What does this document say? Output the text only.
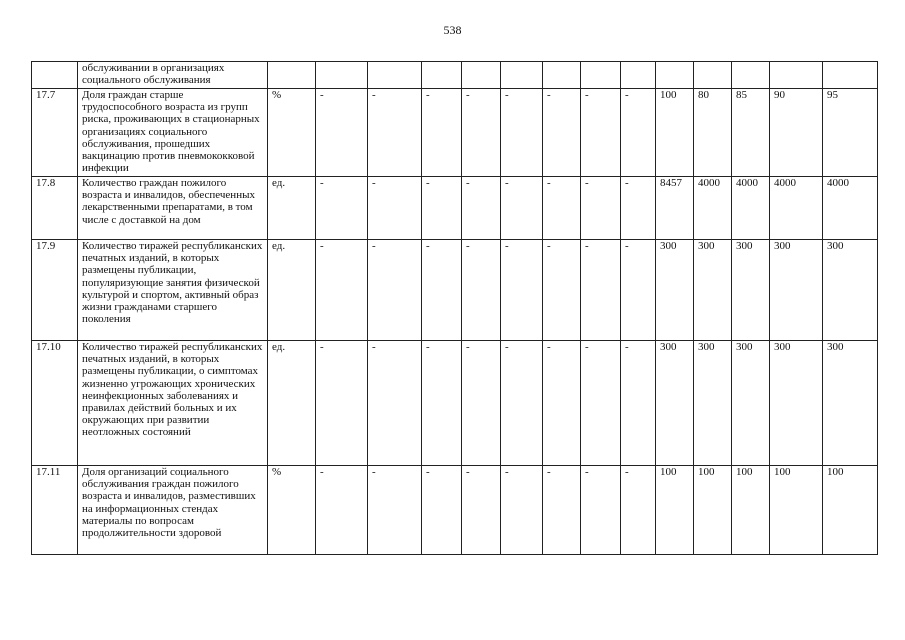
538
	обслуживании в организациях социального обслуживания														
17.7	Доля граждан старше трудоспособного возраста из групп риска, проживающих в стационарных организациях социального обслуживания, прошедших вакцинацию против пневмококковой инфекции	%	-	-	-	-	-	-	-	-	100	80	85	90	95
17.8	Количество граждан пожилого возраста и инвалидов, обеспеченных лекарственными препаратами, в том числе с доставкой на дом	ед.	-	-	-	-	-	-	-	-	8457	4000	4000	4000	4000
17.9	Количество тиражей республиканских печатных изданий, в которых размещены публикации, популяризующие занятия физической культурой и спортом, активный образ жизни гражданами старшего поколения	ед.	-	-	-	-	-	-	-	-	300	300	300	300	300
17.10	Количество тиражей республиканских печатных изданий, в которых размещены публикации, о симптомах жизненно угрожающих хронических неинфекционных заболеваниях и правилах действий больных и их окружающих при развитии неотложных состояний	ед.	-	-	-	-	-	-	-	-	300	300	300	300	300
17.11	Доля организаций социального обслуживания граждан пожилого возраста и инвалидов, разместивших на информационных стендах материалы по вопросам продолжительности здоровой	%	-	-	-	-	-	-	-	-	100	100	100	100	100
